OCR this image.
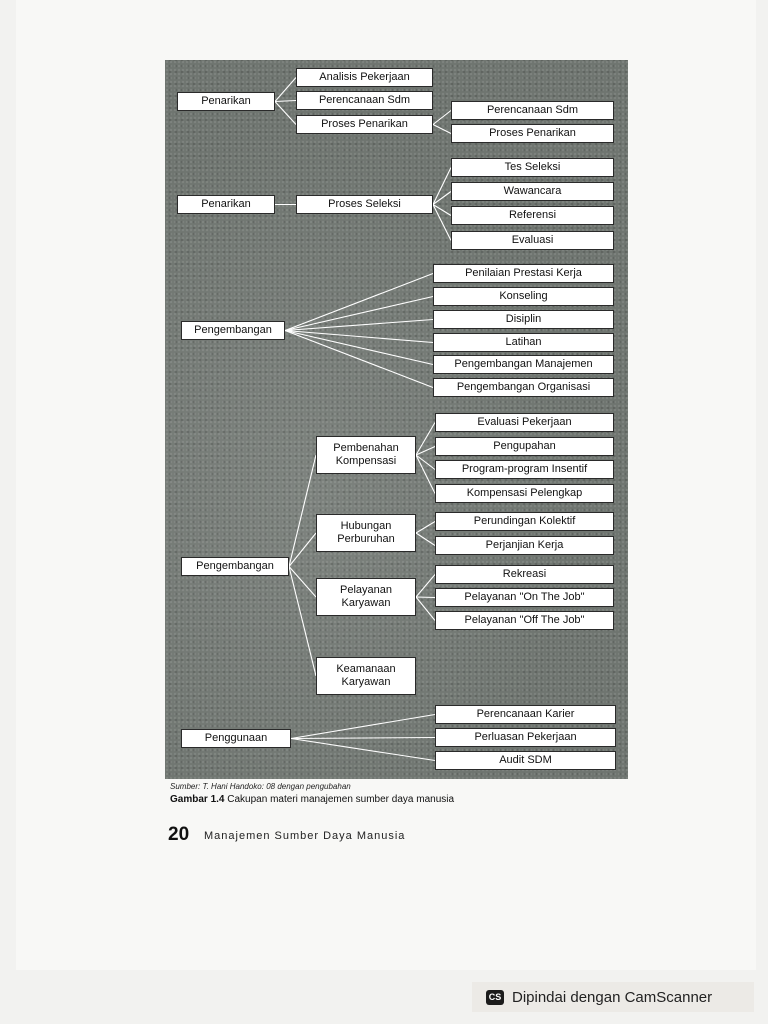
Penarikan
Penarikan
Pengembangan
Pengembangan
Penggunaan
Analisis Pekerjaan
Perencanaan Sdm
Proses Penarikan
Proses Seleksi
Pembenahan
Kompensasi
Hubungan
Perburuhan
Pelayanan
Karyawan
Keamanaan
Karyawan
Perencanaan Sdm
Proses Penarikan
Tes Seleksi
Wawancara
Referensi
Evaluasi
Penilaian Prestasi Kerja
Konseling
Disiplin
Latihan
Pengembangan Manajemen
Pengembangan Organisasi
Evaluasi Pekerjaan
Pengupahan
Program-program Insentif
Kompensasi Pelengkap
Perundingan Kolektif
Perjanjian Kerja
Rekreasi
Pelayanan "On The Job"
Pelayanan "Off The Job"
Perencanaan Karier
Perluasan Pekerjaan
Audit SDM
Sumber: T. Hani Handoko: 08 dengan pengubahan
Gambar 1.4 Cakupan materi manajemen sumber daya manusia
20 Manajemen Sumber Daya Manusia
CS Dipindai dengan CamScanner
